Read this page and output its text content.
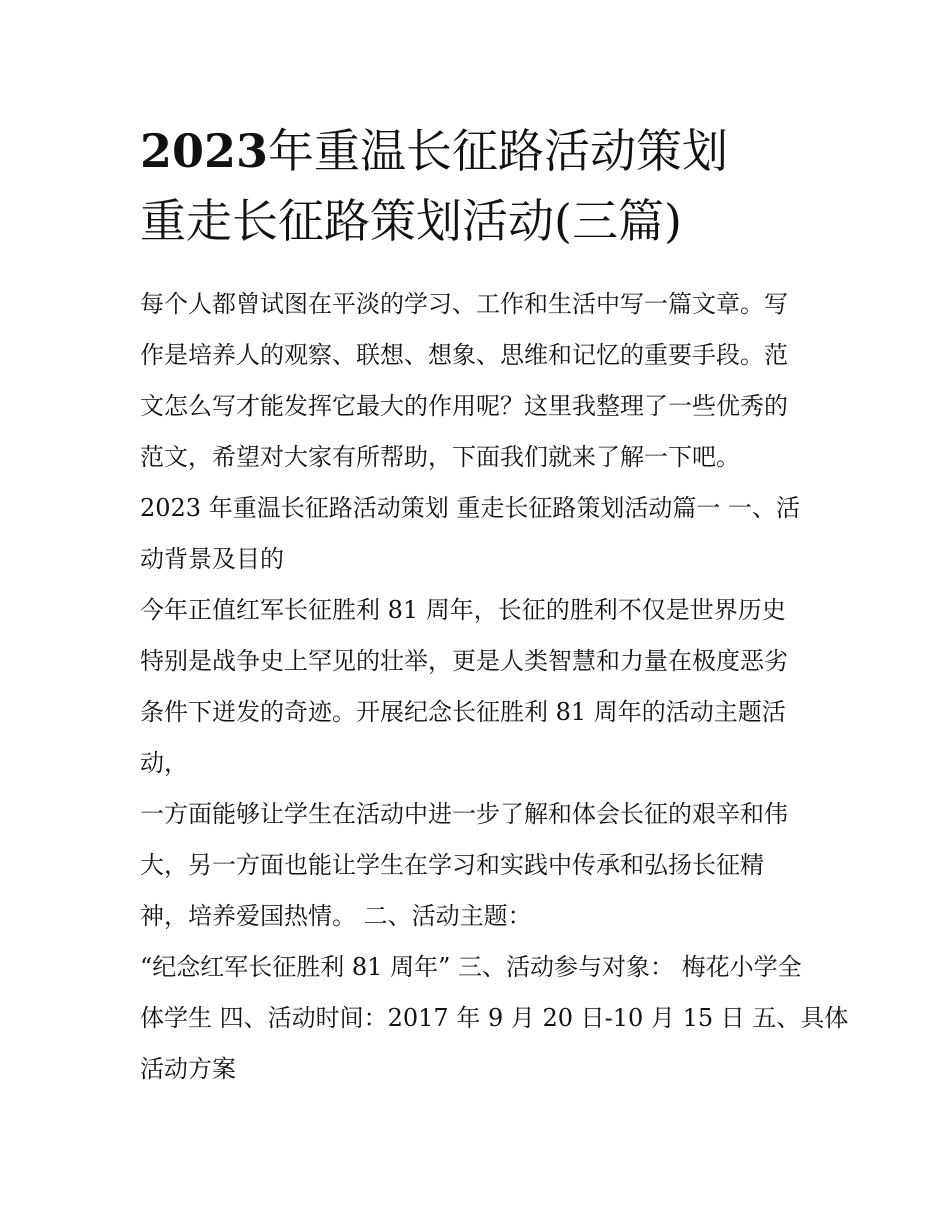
2023年重温长征路活动策划
重走长征路策划活动(三篇)
每个人都曾试图在平淡的学习、工作和生活中写一篇文章。写
作是培养人的观察、联想、想象、思维和记忆的重要手段。范
文怎么写才能发挥它最大的作用呢？这里我整理了一些优秀的
范文，希望对大家有所帮助，下面我们就来了解一下吧。
2023 年重温长征路活动策划 重走长征路策划活动篇一 一、活
动背景及目的
今年正值红军长征胜利 81 周年，长征的胜利不仅是世界历史
特别是战争史上罕见的壮举，更是人类智慧和力量在极度恶劣
条件下迸发的奇迹。开展纪念长征胜利 81 周年的活动主题活
动，
一方面能够让学生在活动中进一步了解和体会长征的艰辛和伟
大，另一方面也能让学生在学习和实践中传承和弘扬长征精
神，培养爱国热情。 二、活动主题：
“纪念红军长征胜利 81 周年” 三、活动参与对象： 梅花小学全
体学生 四、活动时间：2017 年 9 月 20 日-10 月 15 日 五、具体
活动方案
